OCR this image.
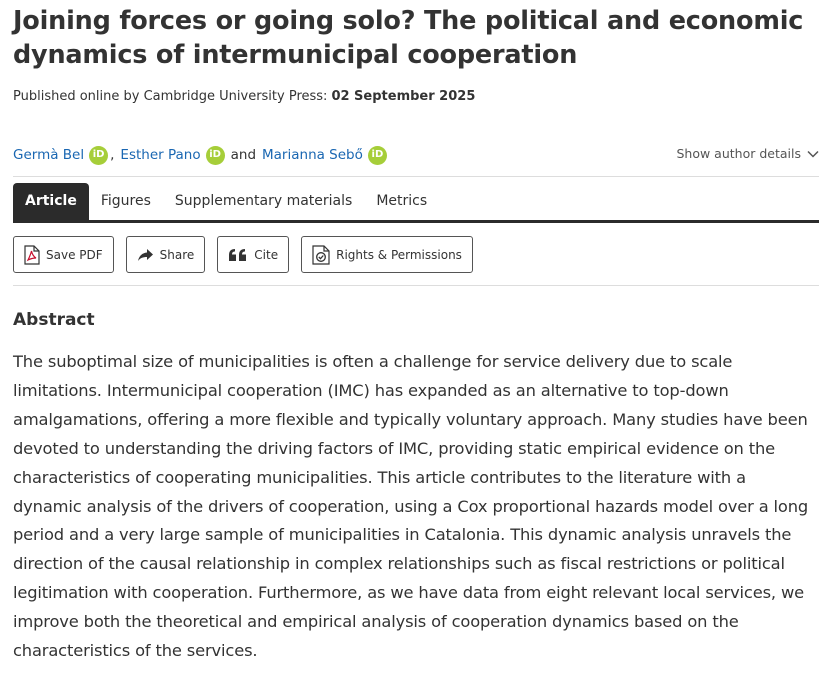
Joining forces or going solo? The political and economic dynamics of intermunicipal cooperation
Published online by Cambridge University Press: 02 September 2025
Germà Bel iD , Esther Pano iD and Marianna Sebő iD	Show author details
Article	Figures	Supplementary materials	Metrics
Save PDF	Share	Cite	Rights & Permissions
Abstract

The suboptimal size of municipalities is often a challenge for service delivery due to scale limitations. Intermunicipal cooperation (IMC) has expanded as an alternative to top-down amalgamations, offering a more flexible and typically voluntary approach. Many studies have been devoted to understanding the driving factors of IMC, providing static empirical evidence on the characteristics of cooperating municipalities. This article contributes to the literature with a dynamic analysis of the drivers of cooperation, using a Cox proportional hazards model over a long period and a very large sample of municipalities in Catalonia. This dynamic analysis unravels the direction of the causal relationship in complex relationships such as fiscal restrictions or political legitimation with cooperation. Furthermore, as we have data from eight relevant local services, we improve both the theoretical and empirical analysis of cooperation dynamics based on the characteristics of the services.
